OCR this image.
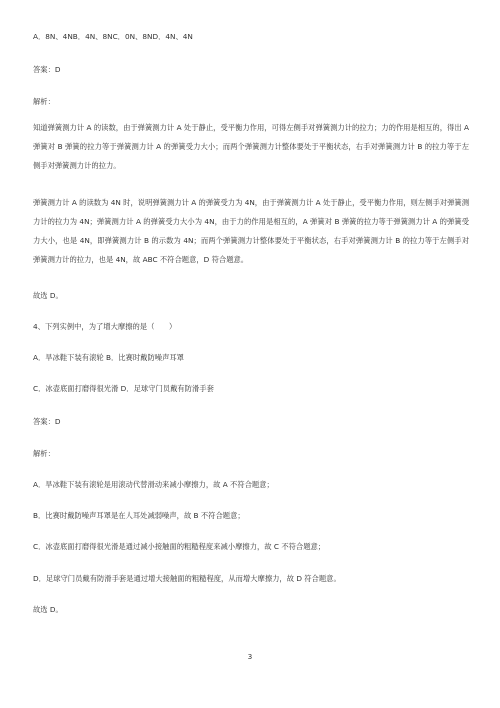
A．8N、4NB．4N、8NC．0N、8ND．4N、4N
答案：D
解析：
知道弹簧测力计 A 的读数，由于弹簧测力计 A 处于静止，受平衡力作用，可得左侧手对弹簧测力计的拉力；力的作用是相互的，得出 A 弹簧对 B 弹簧的拉力等于弹簧测力计 A 的弹簧受力大小；而两个弹簧测力计整体要处于平衡状态，右手对弹簧测力计 B 的拉力等于左侧手对弹簧测力计的拉力。
弹簧测力计 A 的读数为 4N 时，说明弹簧测力计 A 的弹簧受力为 4N，由于弹簧测力计 A 处于静止，受平衡力作用，则左侧手对弹簧测力计的拉力为 4N；弹簧测力计 A 的弹簧受力大小为 4N，由于力的作用是相互的，A 弹簧对 B 弹簧的拉力等于弹簧测力计 A 的弹簧受力大小，也是 4N，即弹簧测力计 B 的示数为 4N；而两个弹簧测力计整体要处于平衡状态，右手对弹簧测力计 B 的拉力等于左侧手对弹簧测力计的拉力，也是 4N，故 ABC 不符合题意，D 符合题意。
故选 D。
4、下列实例中，为了增大摩擦的是（　　）
A．旱冰鞋下装有滚轮 B．比赛时戴防噪声耳罩
C．冰壶底面打磨得很光滑 D．足球守门员戴有防滑手套
答案：D
解析：
A．旱冰鞋下装有滚轮是用滚动代替滑动来减小摩擦力，故 A 不符合题意；
B．比赛时戴防噪声耳罩是在人耳处减弱噪声，故 B 不符合题意；
C．冰壶底面打磨得很光滑是通过减小接触面的粗糙程度来减小摩擦力，故 C 不符合题意；
D．足球守门员戴有防滑手套是通过增大接触面的粗糙程度，从而增大摩擦力，故 D 符合题意。
故选 D。
3
